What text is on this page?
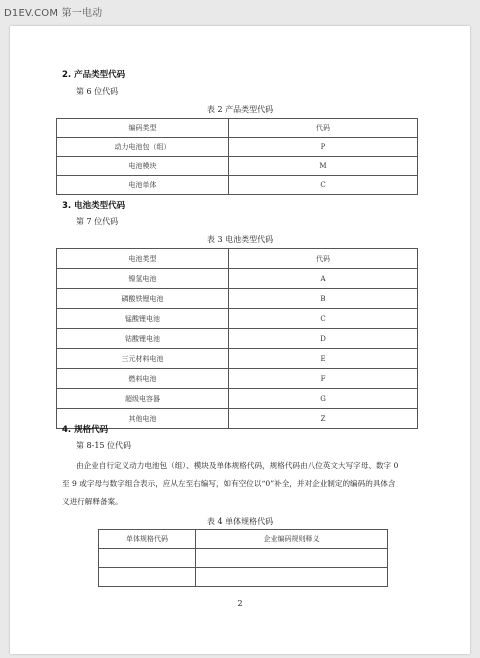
D1EV.COM 第一电动
2. 产品类型代码
第 6 位代码
表 2 产品类型代码
编码类型	代码
动力电池包（组）	P
电池模块	M
电池单体	C
3. 电池类型代码
第 7 位代码
表 3 电池类型代码
电池类型	代码
镍氢电池	A
磷酸铁锂电池	B
锰酸锂电池	C
钴酸锂电池	D
三元材料电池	E
燃料电池	F
超级电容器	G
其他电池	Z
4. 规格代码
第 8-15 位代码
由企业自行定义动力电池包（组）、模块及单体规格代码，规格代码由八位英文大写字母、数字 0
至 9 或字母与数字组合表示，应从左至右编写，如有空位以“0”补全，并对企业制定的编码的具体含
义进行解释备案。
表 4 单体规格代码
单体规格代码	企业编码规则释义

2
